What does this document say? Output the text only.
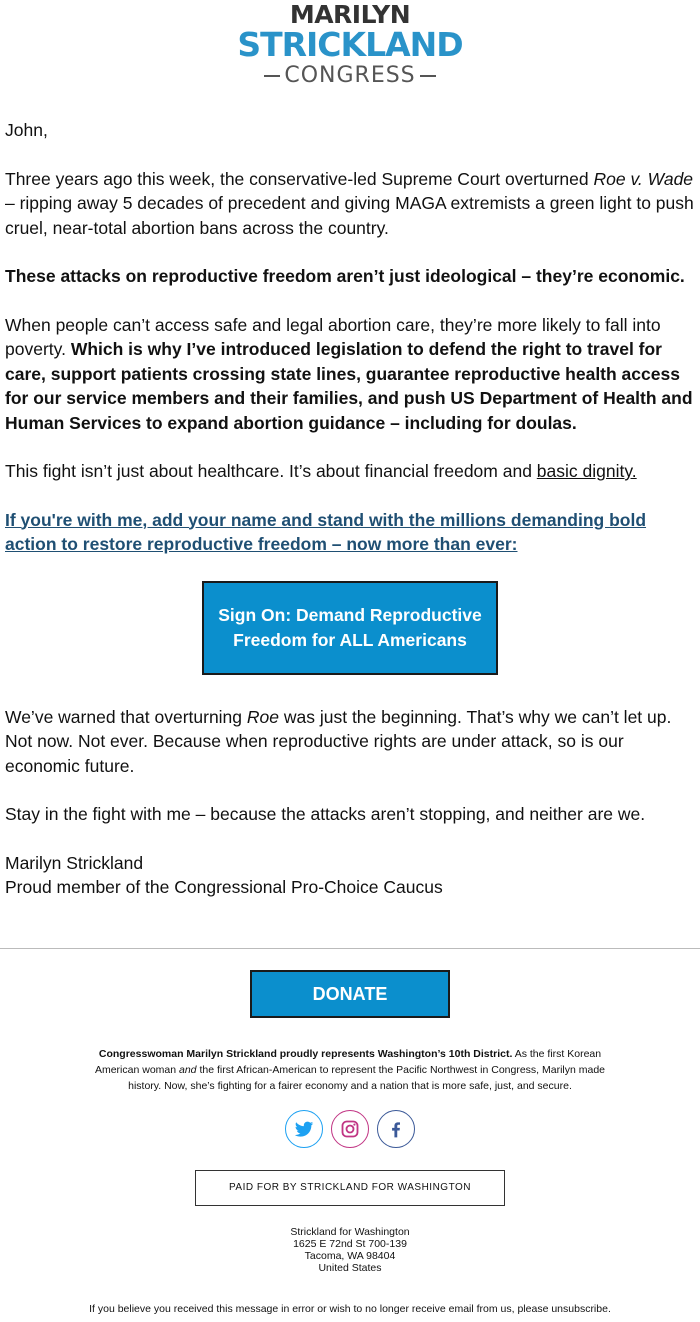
MARILYN
STRICKLAND
CONGRESS

John,

Three years ago this week, the conservative-led Supreme Court overturned Roe v. Wade – ripping away 5 decades of precedent and giving MAGA extremists a green light to push cruel, near-total abortion bans across the country.

These attacks on reproductive freedom aren’t just ideological – they’re economic.

When people can’t access safe and legal abortion care, they’re more likely to fall into poverty. Which is why I’ve introduced legislation to defend the right to travel for care, support patients crossing state lines, guarantee reproductive health access for our service members and their families, and push US Department of Health and Human Services to expand abortion guidance – including for doulas.

This fight isn’t just about healthcare. It’s about financial freedom and basic dignity.

If you're with me, add your name and stand with the millions demanding bold action to restore reproductive freedom – now more than ever:

Sign On: Demand Reproductive Freedom for ALL Americans

We’ve warned that overturning Roe was just the beginning. That’s why we can’t let up. Not now. Not ever. Because when reproductive rights are under attack, so is our economic future.

Stay in the fight with me – because the attacks aren’t stopping, and neither are we.

Marilyn Strickland
Proud member of the Congressional Pro-Choice Caucus

DONATE
Congresswoman Marilyn Strickland proudly represents Washington’s 10th District. As the first Korean American woman and the first African-American to represent the Pacific Northwest in Congress, Marilyn made history. Now, she’s fighting for a fairer economy and a nation that is more safe, just, and secure.
PAID FOR BY STRICKLAND FOR WASHINGTON
Strickland for Washington
1625 E 72nd St 700-139
Tacoma, WA 98404
United States
If you believe you received this message in error or wish to no longer receive email from us, please unsubscribe.
